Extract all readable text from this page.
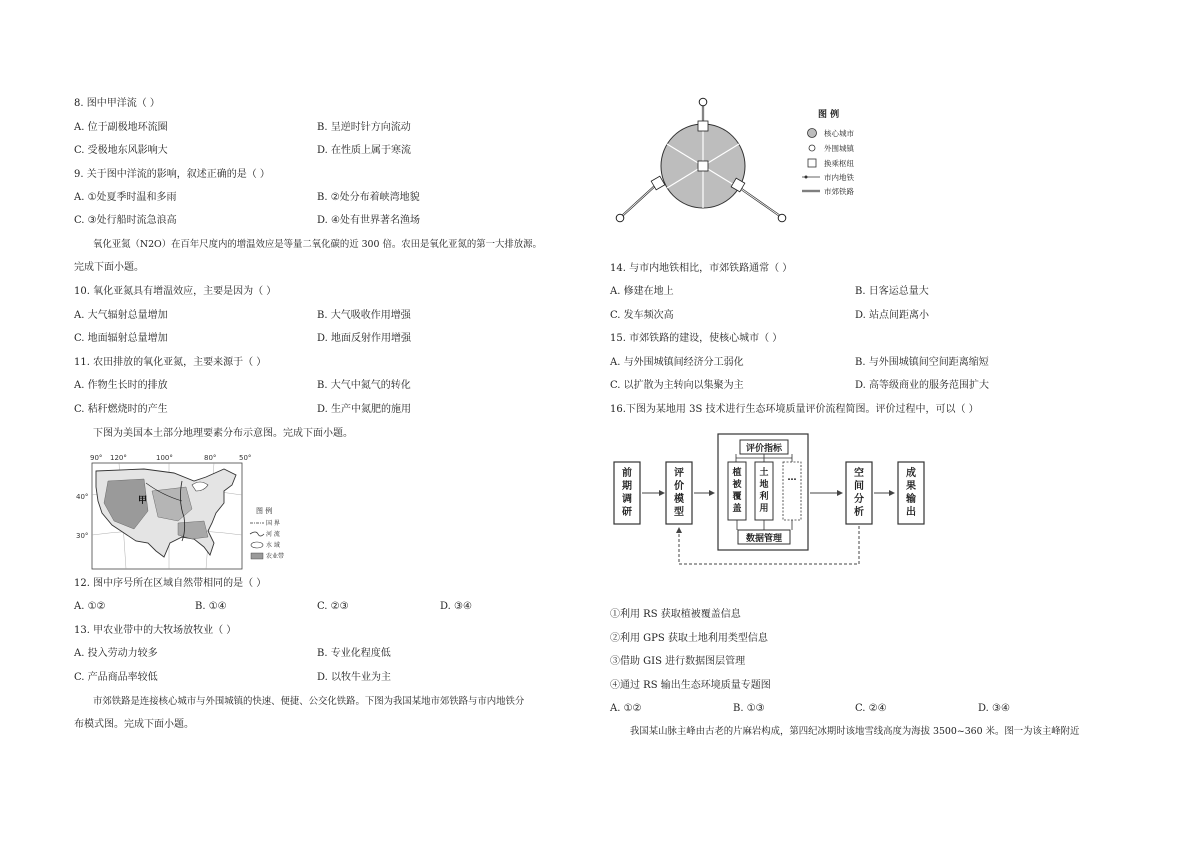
8. 图中甲洋流（ ）
A. 位于副极地环流圈	B. 呈逆时针方向流动
C. 受极地东风影响大	D. 在性质上属于寒流
9. 关于图中洋流的影响，叙述正确的是（ ）
A. ①处夏季时温和多雨	B. ②处分布着峡湾地貌
C. ③处行船时流急浪高	D. ④处有世界著名渔场
氧化亚氮（N2O）在百年尺度内的增温效应是等量二氧化碳的近 300 倍。农田是氧化亚氮的第一大排放源。
完成下面小题。
10. 氧化亚氮具有增温效应，主要是因为（ ）
A. 大气辐射总量增加	B. 大气吸收作用增强
C. 地面辐射总量增加	D. 地面反射作用增强
11. 农田排放的氧化亚氮，主要来源于（ ）
A. 作物生长时的排放	B. 大气中氮气的转化
C. 秸秆燃烧时的产生	D. 生产中氮肥的施用
下图为美国本土部分地理要素分布示意图。完成下面小题。
90° 120°	100°	80°	50°
40°
30°
甲
图 例
国 界
河 流
水 域
农业带
12. 图中序号所在区域自然带相同的是（ ）
A. ①②	B. ①④	C. ②③	D. ③④
13. 甲农业带中的大牧场放牧业（ ）
A. 投入劳动力较多	B. 专业化程度低
C. 产品商品率较低	D. 以牧牛业为主
市郊铁路是连接核心城市与外围城镇的快速、便捷、公交化铁路。下图为我国某地市郊铁路与市内地铁分
布模式图。完成下面小题。
图 例
核心城市
外围城镇
换乘枢纽
市内地铁
市郊铁路
14. 与市内地铁相比，市郊铁路通常（ ）
A. 修建在地上	B. 日客运总量大
C. 发车频次高	D. 站点间距离小
15. 市郊铁路的建设，使核心城市（ ）
A. 与外围城镇间经济分工弱化	B. 与外围城镇间空间距离缩短
C. 以扩散为主转向以集聚为主	D. 高等级商业的服务范围扩大
16.下图为某地用 3S 技术进行生态环境质量评价流程简图。评价过程中，可以（ ）
前
期
调
研
评
价
模
型
评价指标
植
被
覆
盖
土
地
利
用
…
数据管理
空
间
分
析
成
果
输
出
①利用 RS 获取植被覆盖信息
②利用 GPS 获取土地利用类型信息
③借助 GIS 进行数据图层管理
④通过 RS 输出生态环境质量专题图
A. ①②	B. ①③	C. ②④	D. ③④
我国某山脉主峰由古老的片麻岩构成，第四纪冰期时该地雪线高度为海拔 3500~360 米。图一为该主峰附近
